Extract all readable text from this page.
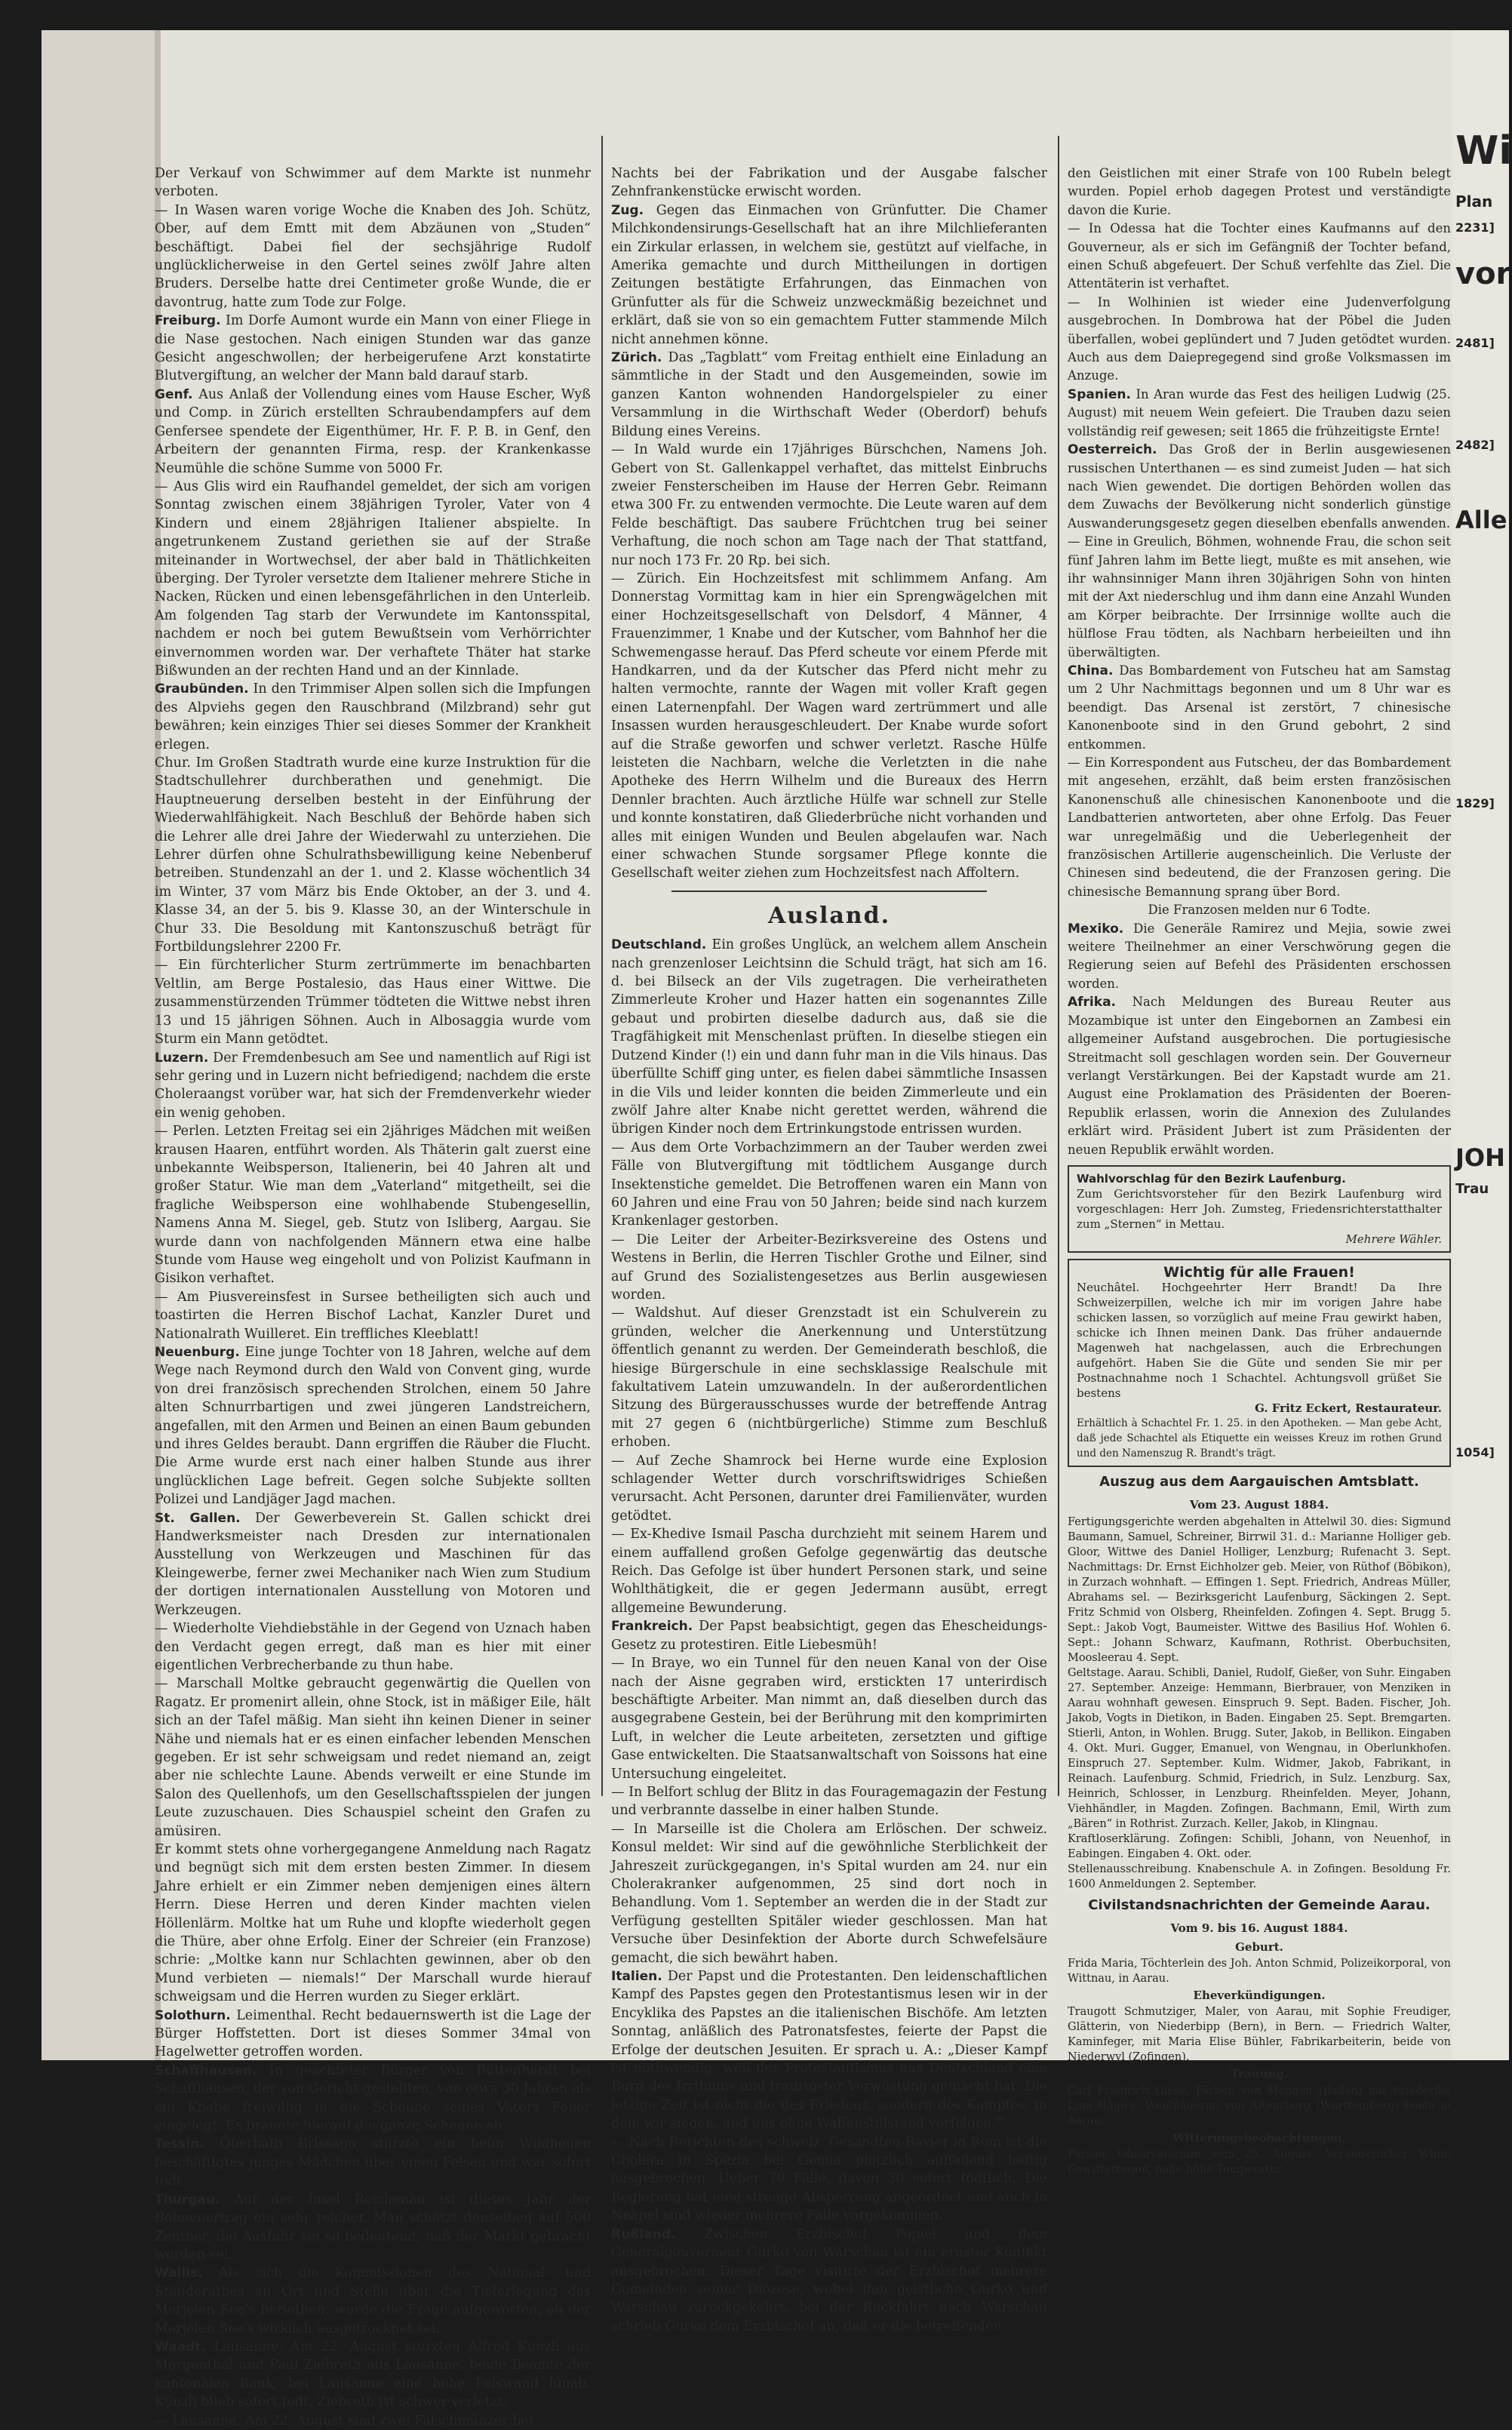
Der Verkauf von Schwimmer auf dem Markte ist nunmehr verboten.

— In Wasen waren vorige Woche die Knaben des Joh. Schütz, Ober, auf dem Emtt mit dem Abzäunen von „Studen“ beschäftigt. Dabei fiel der sechsjährige Rudolf unglücklicherweise in den Gertel seines zwölf Jahre alten Bruders. Derselbe hatte drei Centimeter große Wunde, die er davontrug, hatte zum Tode zur Folge.

Freiburg. Im Dorfe Aumont wurde ein Mann von einer Fliege in die Nase gestochen. Nach einigen Stunden war das ganze Gesicht angeschwollen; der herbeigerufene Arzt konstatirte Blutvergiftung, an welcher der Mann bald darauf starb.

Genf. Aus Anlaß der Vollendung eines vom Hause Escher, Wyß und Comp. in Zürich erstellten Schraubendampfers auf dem Genfersee spendete der Eigenthümer, Hr. F. P. B. in Genf, den Arbeitern der genannten Firma, resp. der Krankenkasse Neumühle die schöne Summe von 5000 Fr.

— Aus Glis wird ein Raufhandel gemeldet, der sich am vorigen Sonntag zwischen einem 38jährigen Tyroler, Vater von 4 Kindern und einem 28jährigen Italiener abspielte. In angetrunkenem Zustand geriethen sie auf der Straße miteinander in Wortwechsel, der aber bald in Thätlichkeiten überging. Der Tyroler versetzte dem Italiener mehrere Stiche in Nacken, Rücken und einen lebensgefährlichen in den Unterleib. Am folgenden Tag starb der Verwundete im Kantonsspital, nachdem er noch bei gutem Bewußtsein vom Verhörrichter einvernommen worden war. Der verhaftete Thäter hat starke Bißwunden an der rechten Hand und an der Kinnlade.

Graubünden. In den Trimmiser Alpen sollen sich die Impfungen des Alpviehs gegen den Rauschbrand (Milzbrand) sehr gut bewähren; kein einziges Thier sei dieses Sommer der Krankheit erlegen.

Chur. Im Großen Stadtrath wurde eine kurze Instruktion für die Stadtschullehrer durchberathen und genehmigt. Die Hauptneuerung derselben besteht in der Einführung der Wiederwahlfähigkeit. Nach Beschluß der Behörde haben sich die Lehrer alle drei Jahre der Wiederwahl zu unterziehen. Die Lehrer dürfen ohne Schulrathsbewilligung keine Nebenberuf betreiben. Stundenzahl an der 1. und 2. Klasse wöchentlich 34 im Winter, 37 vom März bis Ende Oktober, an der 3. und 4. Klasse 34, an der 5. bis 9. Klasse 30, an der Winterschule in Chur 33. Die Besoldung mit Kantonszuschuß beträgt für Fortbildungslehrer 2200 Fr.

— Ein fürchterlicher Sturm zertrümmerte im benachbarten Veltlin, am Berge Postalesio, das Haus einer Wittwe. Die zusammenstürzenden Trümmer tödteten die Wittwe nebst ihren 13 und 15 jährigen Söhnen. Auch in Albosaggia wurde vom Sturm ein Mann getödtet.

Luzern. Der Fremdenbesuch am See und namentlich auf Rigi ist sehr gering und in Luzern nicht befriedigend; nachdem die erste Choleraangst vorüber war, hat sich der Fremdenverkehr wieder ein wenig gehoben.

— Perlen. Letzten Freitag sei ein 2jähriges Mädchen mit weißen krausen Haaren, entführt worden. Als Thäterin galt zuerst eine unbekannte Weibsperson, Italienerin, bei 40 Jahren alt und großer Statur. Wie man dem „Vaterland“ mitgetheilt, sei die fragliche Weibsperson eine wohlhabende Stubengesellin, Namens Anna M. Siegel, geb. Stutz von Isliberg, Aargau. Sie wurde dann von nachfolgenden Männern etwa eine halbe Stunde vom Hause weg eingeholt und von Polizist Kaufmann in Gisikon verhaftet.

— Am Piusvereinsfest in Sursee betheiligten sich auch und toastirten die Herren Bischof Lachat, Kanzler Duret und Nationalrath Wuilleret. Ein treffliches Kleeblatt!

Neuenburg. Eine junge Tochter von 18 Jahren, welche auf dem Wege nach Reymond durch den Wald von Convent ging, wurde von drei französisch sprechenden Strolchen, einem 50 Jahre alten Schnurrbartigen und zwei jüngeren Landstreichern, angefallen, mit den Armen und Beinen an einen Baum gebunden und ihres Geldes beraubt. Dann ergriffen die Räuber die Flucht. Die Arme wurde erst nach einer halben Stunde aus ihrer unglücklichen Lage befreit. Gegen solche Subjekte sollten Polizei und Landjäger Jagd machen.

St. Gallen. Der Gewerbeverein St. Gallen schickt drei Handwerksmeister nach Dresden zur internationalen Ausstellung von Werkzeugen und Maschinen für das Kleingewerbe, ferner zwei Mechaniker nach Wien zum Studium der dortigen internationalen Ausstellung von Motoren und Werkzeugen.

— Wiederholte Viehdiebstähle in der Gegend von Uznach haben den Verdacht gegen erregt, daß man es hier mit einer eigentlichen Verbrecherbande zu thun habe.

— Marschall Moltke gebraucht gegenwärtig die Quellen von Ragatz. Er promenirt allein, ohne Stock, ist in mäßiger Eile, hält sich an der Tafel mäßig. Man sieht ihn keinen Diener in seiner Nähe und niemals hat er es einen einfacher lebenden Menschen gegeben. Er ist sehr schweigsam und redet niemand an, zeigt aber nie schlechte Laune. Abends verweilt er eine Stunde im Salon des Quellenhofs, um den Gesellschaftsspielen der jungen Leute zuzuschauen. Dies Schauspiel scheint den Grafen zu amüsiren.

Er kommt stets ohne vorhergegangene Anmeldung nach Ragatz und begnügt sich mit dem ersten besten Zimmer. In diesem Jahre erhielt er ein Zimmer neben demjenigen eines ältern Herrn. Diese Herren und deren Kinder machten vielen Höllenlärm. Moltke hat um Ruhe und klopfte wiederholt gegen die Thüre, aber ohne Erfolg. Einer der Schreier (ein Franzose) schrie: „Moltke kann nur Schlachten gewinnen, aber ob den Mund verbieten — niemals!“ Der Marschall wurde hierauf schweigsam und die Herren wurden zu Sieger erklärt.

Solothurn. Leimenthal. Recht bedauernswerth ist die Lage der Bürger Hoffstetten. Dort ist dieses Sommer 34mal von Hagelwetter getroffen worden.

Schaffhausen. In geachteter Bürger von Büttenhardt bei Schaffhausen, der von Gericht gestellten, von etwa 30 Jahren als ein Knabe freiwillig in die Scheune seines Vaters Feuer eingelegt. Es brannte hierauf die ganze Scheune ab.

Tessin. Oberhalb Brissago stürzte ein beim Wildheuen beschäftigtes junges Mädchen über einen Felsen und war sofort todt.

Thurgau. Auf der Insel Reichenau ist dieses Jahr der Bohnenertrag ein sehr reicher. Man schätzt denselben auf 500 Zentner, die Ausfuhr sei so bedeutend, daß der Markt gebracht worden sei.

Wallis. Als sich die Kommissionen des National- und Ständerathes an Ort und Stelle über die Tieferlegung des Merjelen See's beriethen, wurde die Frage aufgeworfen, ob der Merjelen See's wirklich ausgetrocknet sei.

Waadt. Lausanne. Am 22. August stürzten Alfred Künzli aus Morgenthal und Paul Ziebreth aus Lausanne, beide Beamte der kantonalen Bank, bei Lausanne eine hohe Felswand hinab. Künzli blieb sofort todt, Ziebreth ist schwer verletzt.

— Lausanne. Am 22. August sind zwei Falschmünzer bei

Nachts bei der Fabrikation und der Ausgabe falscher Zehnfrankenstücke erwischt worden.

Zug. Gegen das Einmachen von Grünfutter. Die Chamer Milchkondensirungs-Gesellschaft hat an ihre Milchlieferanten ein Zirkular erlassen, in welchem sie, gestützt auf vielfache, in Amerika gemachte und durch Mittheilungen in dortigen Zeitungen bestätigte Erfahrungen, das Einmachen von Grünfutter als für die Schweiz unzweckmäßig bezeichnet und erklärt, daß sie von so ein gemachtem Futter stammende Milch nicht annehmen könne.

Zürich. Das „Tagblatt“ vom Freitag enthielt eine Einladung an sämmtliche in der Stadt und den Ausgemeinden, sowie im ganzen Kanton wohnenden Handorgelspieler zu einer Versammlung in die Wirthschaft Weder (Oberdorf) behufs Bildung eines Vereins.

— In Wald wurde ein 17jähriges Bürschchen, Namens Joh. Gebert von St. Gallenkappel verhaftet, das mittelst Einbruchs zweier Fensterscheiben im Hause der Herren Gebr. Reimann etwa 300 Fr. zu entwenden vermochte. Die Leute waren auf dem Felde beschäftigt. Das saubere Früchtchen trug bei seiner Verhaftung, die noch schon am Tage nach der That stattfand, nur noch 173 Fr. 20 Rp. bei sich.

— Zürich. Ein Hochzeitsfest mit schlimmem Anfang. Am Donnerstag Vormittag kam in hier ein Sprengwägelchen mit einer Hochzeitsgesellschaft von Delsdorf, 4 Männer, 4 Frauenzimmer, 1 Knabe und der Kutscher, vom Bahnhof her die Schwemengasse herauf. Das Pferd scheute vor einem Pferde mit Handkarren, und da der Kutscher das Pferd nicht mehr zu halten vermochte, rannte der Wagen mit voller Kraft gegen einen Laternenpfahl. Der Wagen ward zertrümmert und alle Insassen wurden herausgeschleudert. Der Knabe wurde sofort auf die Straße geworfen und schwer verletzt. Rasche Hülfe leisteten die Nachbarn, welche die Verletzten in die nahe Apotheke des Herrn Wilhelm und die Bureaux des Herrn Dennler brachten. Auch ärztliche Hülfe war schnell zur Stelle und konnte konstatiren, daß Gliederbrüche nicht vorhanden und alles mit einigen Wunden und Beulen abgelaufen war. Nach einer schwachen Stunde sorgsamer Pflege konnte die Gesellschaft weiter ziehen zum Hochzeitsfest nach Affoltern.

Ausland.

Deutschland. Ein großes Unglück, an welchem allem Anschein nach grenzenloser Leichtsinn die Schuld trägt, hat sich am 16. d. bei Bilseck an der Vils zugetragen. Die verheiratheten Zimmerleute Kroher und Hazer hatten ein sogenanntes Zille gebaut und probirten dieselbe dadurch aus, daß sie die Tragfähigkeit mit Menschenlast prüften. In dieselbe stiegen ein Dutzend Kinder (!) ein und dann fuhr man in die Vils hinaus. Das überfüllte Schiff ging unter, es fielen dabei sämmtliche Insassen in die Vils und leider konnten die beiden Zimmerleute und ein zwölf Jahre alter Knabe nicht gerettet werden, während die übrigen Kinder noch dem Ertrinkungstode entrissen wurden.

— Aus dem Orte Vorbachzimmern an der Tauber werden zwei Fälle von Blutvergiftung mit tödtlichem Ausgange durch Insektenstiche gemeldet. Die Betroffenen waren ein Mann von 60 Jahren und eine Frau von 50 Jahren; beide sind nach kurzem Krankenlager gestorben.

— Die Leiter der Arbeiter-Bezirksvereine des Ostens und Westens in Berlin, die Herren Tischler Grothe und Eilner, sind auf Grund des Sozialistengesetzes aus Berlin ausgewiesen worden.

— Waldshut. Auf dieser Grenzstadt ist ein Schulverein zu gründen, welcher die Anerkennung und Unterstützung öffentlich genannt zu werden. Der Gemeinderath beschloß, die hiesige Bürgerschule in eine sechsklassige Realschule mit fakultativem Latein umzuwandeln. In der außerordentlichen Sitzung des Bürgerausschusses wurde der betreffende Antrag mit 27 gegen 6 (nichtbürgerliche) Stimme zum Beschluß erhoben.

— Auf Zeche Shamrock bei Herne wurde eine Explosion schlagender Wetter durch vorschriftswidriges Schießen verursacht. Acht Personen, darunter drei Familienväter, wurden getödtet.

— Ex-Khedive Ismail Pascha durchzieht mit seinem Harem und einem auffallend großen Gefolge gegenwärtig das deutsche Reich. Das Gefolge ist über hundert Personen stark, und seine Wohlthätigkeit, die er gegen Jedermann ausübt, erregt allgemeine Bewunderung.

Frankreich. Der Papst beabsichtigt, gegen das Ehescheidungs-Gesetz zu protestiren. Eitle Liebesmüh!

— In Braye, wo ein Tunnel für den neuen Kanal von der Oise nach der Aisne gegraben wird, erstickten 17 unterirdisch beschäftigte Arbeiter. Man nimmt an, daß dieselben durch das ausgegrabene Gestein, bei der Berührung mit den komprimirten Luft, in welcher die Leute arbeiteten, zersetzten und giftige Gase entwickelten. Die Staatsanwaltschaft von Soissons hat eine Untersuchung eingeleitet.

— In Belfort schlug der Blitz in das Fouragemagazin der Festung und verbrannte dasselbe in einer halben Stunde.

— In Marseille ist die Cholera am Erlöschen. Der schweiz. Konsul meldet: Wir sind auf die gewöhnliche Sterblichkeit der Jahreszeit zurückgegangen, in's Spital wurden am 24. nur ein Cholerakranker aufgenommen, 25 sind dort noch in Behandlung. Vom 1. September an werden die in der Stadt zur Verfügung gestellten Spitäler wieder geschlossen. Man hat Versuche über Desinfektion der Aborte durch Schwefelsäure gemacht, die sich bewährt haben.

Italien. Der Papst und die Protestanten. Den leidenschaftlichen Kampf des Papstes gegen den Protestantismus lesen wir in der Encyklika des Papstes an die italienischen Bischöfe. Am letzten Sonntag, anläßlich des Patronatsfestes, feierte der Papst die Erfolge der deutschen Jesuiten. Er sprach u. A.: „Dieser Kampf ist nothwendig, weil der Protestantismus aus Deutschland eine Burg des Irrthums und traurigster Verwüstung gemacht hat. Die jetzige Zeit ist nicht die des Friedens, sondern des Kampfes, in dem wir siegen, und uns ohne Waffenstillstand verfolgen.“

— Nach Berichten des schweiz. Gesandten Bavier in Rom ist die Cholera in Spezia bei Genua plötzlich auffallend heftig ausgebrochen. Ueber 70 Fälle, davon 30 sofort tödtlich. Die Regierung hat eine strenge Absperrung angeordnet und auch in Neapel sind wieder mehrere Fälle vorgekommen.

Rußland. Zwischen Erzbischof Popiel und dem Generalgouverneur Gurko von Warschau ist ein ernster Konflikt ausgebrochen. Dieser Tage visitirte der Erzbischof mehrere Gemeinden seiner Diözese, wobei ihm geistliche Gurko und Warschau zurückgekehrt, bei der Rückfahrt nach Warschau schrieb Gurko dem Erzbischof an, daß er die betreffenden

den Geistlichen mit einer Strafe von 100 Rubeln belegt wurden. Popiel erhob dagegen Protest und verständigte davon die Kurie.

— In Odessa hat die Tochter eines Kaufmanns auf den Gouverneur, als er sich im Gefängniß der Tochter befand, einen Schuß abgefeuert. Der Schuß verfehlte das Ziel. Die Attentäterin ist verhaftet.

— In Wolhinien ist wieder eine Judenverfolgung ausgebrochen. In Dombrowa hat der Pöbel die Juden überfallen, wobei geplündert und 7 Juden getödtet wurden. Auch aus dem Daiepregegend sind große Volksmassen im Anzuge.

Spanien. In Aran wurde das Fest des heiligen Ludwig (25. August) mit neuem Wein gefeiert. Die Trauben dazu seien vollständig reif gewesen; seit 1865 die frühzeitigste Ernte!

Oesterreich. Das Groß der in Berlin ausgewiesenen russischen Unterthanen — es sind zumeist Juden — hat sich nach Wien gewendet. Die dortigen Behörden wollen das dem Zuwachs der Bevölkerung nicht sonderlich günstige Auswanderungsgesetz gegen dieselben ebenfalls anwenden.

— Eine in Greulich, Böhmen, wohnende Frau, die schon seit fünf Jahren lahm im Bette liegt, mußte es mit ansehen, wie ihr wahnsinniger Mann ihren 30jährigen Sohn von hinten mit der Axt niederschlug und ihm dann eine Anzahl Wunden am Körper beibrachte. Der Irrsinnige wollte auch die hülflose Frau tödten, als Nachbarn herbeieilten und ihn überwältigten.

China. Das Bombardement von Futscheu hat am Samstag um 2 Uhr Nachmittags begonnen und um 8 Uhr war es beendigt. Das Arsenal ist zerstört, 7 chinesische Kanonenboote sind in den Grund gebohrt, 2 sind entkommen.

— Ein Korrespondent aus Futscheu, der das Bombardement mit angesehen, erzählt, daß beim ersten französischen Kanonenschuß alle chinesischen Kanonenboote und die Landbatterien antworteten, aber ohne Erfolg. Das Feuer war unregelmäßig und die Ueberlegenheit der französischen Artillerie augenscheinlich. Die Verluste der Chinesen sind bedeutend, die der Franzosen gering. Die chinesische Bemannung sprang über Bord.

Die Franzosen melden nur 6 Todte.

Mexiko. Die Generäle Ramirez und Mejia, sowie zwei weitere Theilnehmer an einer Verschwörung gegen die Regierung seien auf Befehl des Präsidenten erschossen worden.

Afrika. Nach Meldungen des Bureau Reuter aus Mozambique ist unter den Eingebornen an Zambesi ein allgemeiner Aufstand ausgebrochen. Die portugiesische Streitmacht soll geschlagen worden sein. Der Gouverneur verlangt Verstärkungen. Bei der Kapstadt wurde am 21. August eine Proklamation des Präsidenten der Boeren-Republik erlassen, worin die Annexion des Zululandes erklärt wird. Präsident Jubert ist zum Präsidenten der neuen Republik erwählt worden.

Wahlvorschlag für den Bezirk Laufenburg.
Zum Gerichtsvorsteher für den Bezirk Laufenburg wird vorgeschlagen: Herr Joh. Zumsteg, Friedensrichterstatthalter zum „Sternen“ in Mettau.
Mehrere Wähler.
Wichtig für alle Frauen!
Neuchâtel. Hochgeehrter Herr Brandt! Da Ihre Schweizerpillen, welche ich mir im vorigen Jahre habe schicken lassen, so vorzüglich auf meine Frau gewirkt haben, schicke ich Ihnen meinen Dank. Das früher andauernde Magenweh hat nachgelassen, auch die Erbrechungen aufgehört. Haben Sie die Güte und senden Sie mir per Postnachnahme noch 1 Schachtel. Achtungsvoll grüßet Sie bestens
G. Fritz Eckert, Restaurateur.
Erhältlich à Schachtel Fr. 1. 25. in den Apotheken. — Man gebe Acht, daß jede Schachtel als Etiquette ein weisses Kreuz im rothen Grund und den Namenszug R. Brandt's trägt.
Auszug aus dem Aargauischen Amtsblatt.
Vom 23. August 1884.

Fertigungsgerichte werden abgehalten in Attelwil 30. dies: Sigmund Baumann, Samuel, Schreiner, Birrwil 31. d.: Marianne Holliger geb. Gloor, Wittwe des Daniel Holliger, Lenzburg; Rufenacht 3. Sept. Nachmittags: Dr. Ernst Eichholzer geb. Meier, von Rüthof (Böbikon), in Zurzach wohnhaft. — Effingen 1. Sept. Friedrich, Andreas Müller, Abrahams sel. — Bezirksgericht Laufenburg, Säckingen 2. Sept. Fritz Schmid von Olsberg, Rheinfelden. Zofingen 4. Sept. Brugg 5. Sept.: Jakob Vogt, Baumeister. Wittwe des Basilius Hof. Wohlen 6. Sept.: Johann Schwarz, Kaufmann, Rothrist. Oberbuchsiten, Moosleerau 4. Sept.

Geltstage. Aarau. Schibli, Daniel, Rudolf, Gießer, von Suhr. Eingaben 27. September. Anzeige: Hemmann, Bierbrauer, von Menziken in Aarau wohnhaft gewesen. Einspruch 9. Sept. Baden. Fischer, Joh. Jakob, Vogts in Dietikon, in Baden. Eingaben 25. Sept. Bremgarten. Stierli, Anton, in Wohlen. Brugg. Suter, Jakob, in Bellikon. Eingaben 4. Okt. Muri. Gugger, Emanuel, von Wengnau, in Oberlunkhofen. Einspruch 27. September. Kulm. Widmer, Jakob, Fabrikant, in Reinach. Laufenburg. Schmid, Friedrich, in Sulz. Lenzburg. Sax, Heinrich, Schlosser, in Lenzburg. Rheinfelden. Meyer, Johann, Viehhändler, in Magden. Zofingen. Bachmann, Emil, Wirth zum „Bären“ in Rothrist. Zurzach. Keller, Jakob, in Klingnau.

Kraftloserklärung. Zofingen: Schibli, Johann, von Neuenhof, in Eabingen. Eingaben 4. Okt. oder.

Stellenausschreibung. Knabenschule A. in Zofingen. Besoldung Fr. 1600 Anmeldungen 2. September.

Civilstandsnachrichten der Gemeinde Aarau.
Vom 9. bis 16. August 1884.
Geburt.

Frida Maria, Töchterlein des Joh. Anton Schmid, Polizeikorporal, von Wittnau, in Aarau.

Eheverkündigungen.

Traugott Schmutziger, Maler, von Aarau, mit Sophie Freudiger, Glätterin, von Niederbipp (Bern), in Bern. — Friedrich Walter, Kaminfeger, mit Maria Elise Bühler, Fabrikarbeiterin, beide von Niederwyl (Zofingen).

Trauung.

Carl Friedrich Giese, Färber, von Mengen (Baden) mit Friederike Lina Häge'e, Weißnäherin, von Altensberg (Württemberg) beide in Aarau.

Witterungsbeobachtungen.

Pariser Observatorium vom 25. August. Veränderlicher Wind, Gewitterregen, nahe höhe Temperatur.

Wi
Plan
2231]
vor
2481]
2482]
Alle
1829]
JOH
Trau
1054]
